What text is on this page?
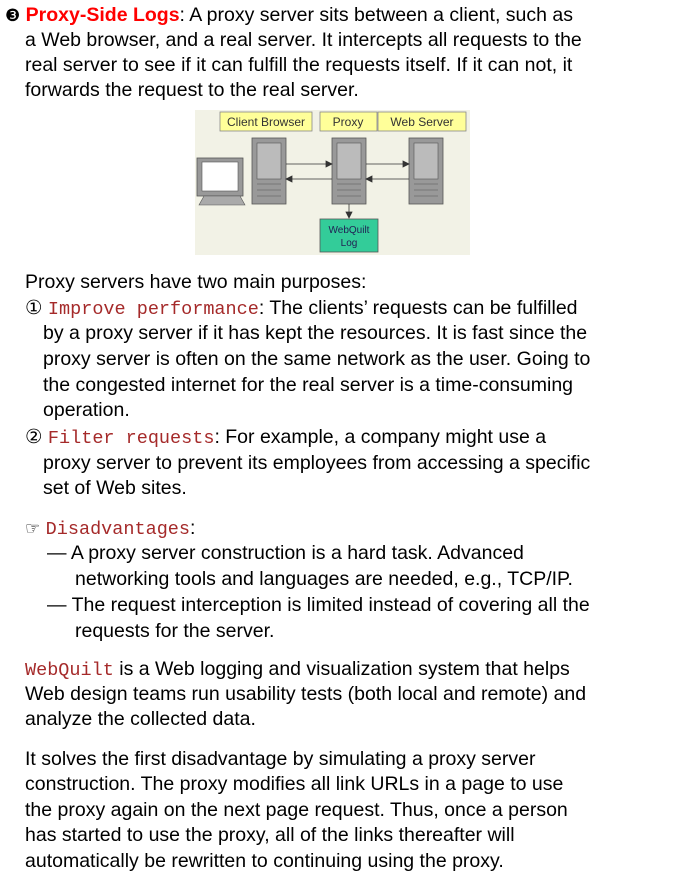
❸ Proxy-Side Logs: A proxy server sits between a client, such as
a Web browser, and a real server. It intercepts all requests to the
real server to see if it can fulfill the requests itself. If it can not, it
forwards the request to the real server.
Client Browser Proxy Web Server
WebQuilt
Log
Proxy servers have two main purposes:
① Improve performance: The clients’ requests can be fulfilled
by a proxy server if it has kept the resources. It is fast since the
proxy server is often on the same network as the user. Going to
the congested internet for the real server is a time-consuming
operation.
② Filter requests: For example, a company might use a
proxy server to prevent its employees from accessing a specific
set of Web sites.
☞ Disadvantages:
— A proxy server construction is a hard task. Advanced
networking tools and languages are needed, e.g., TCP/IP.
— The request interception is limited instead of covering all the
requests for the server.
WebQuilt is a Web logging and visualization system that helps
Web design teams run usability tests (both local and remote) and
analyze the collected data.
It solves the first disadvantage by simulating a proxy server
construction. The proxy modifies all link URLs in a page to use
the proxy again on the next page request. Thus, once a person
has started to use the proxy, all of the links thereafter will
automatically be rewritten to continuing using the proxy.
